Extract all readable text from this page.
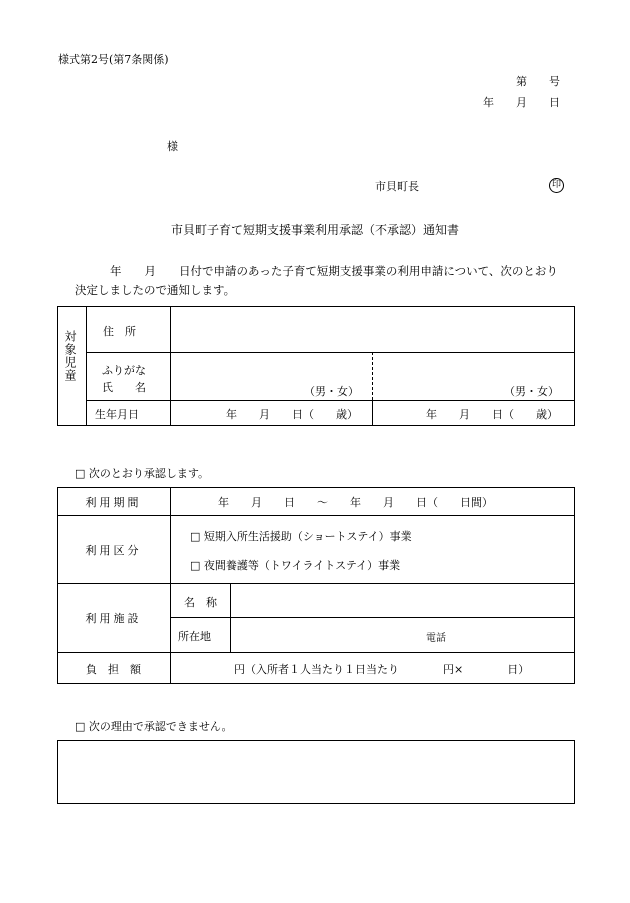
様式第2号(第7条関係)
第　　号
年　　月　　日
様
市貝町長	印
市貝町子育て短期支援事業利用承認（不承認）通知書
年　　月　　日付で申請のあった子育て短期支援事業の利用申請について、次のとおり
決定しましたので通知します。
対象児童 住　所
ふりがな
氏　　名	（男・女）	（男・女）
生年月日	年　　月　　日（　　歳）	年　　月　　日（　　歳）
□ 次のとおり承認します。
利用期間	年　　月　　日　　〜　　年　　月　　日（　　日間）
利用区分
□ 短期入所生活援助（ショートステイ）事業
□ 夜間養護等（トワイライトステイ）事業
利用施設
名　称
所在地	電話
負　担　額	円（入所者１人当たり１日当たり　　　　円×　　　　日）
□ 次の理由で承認できません。
